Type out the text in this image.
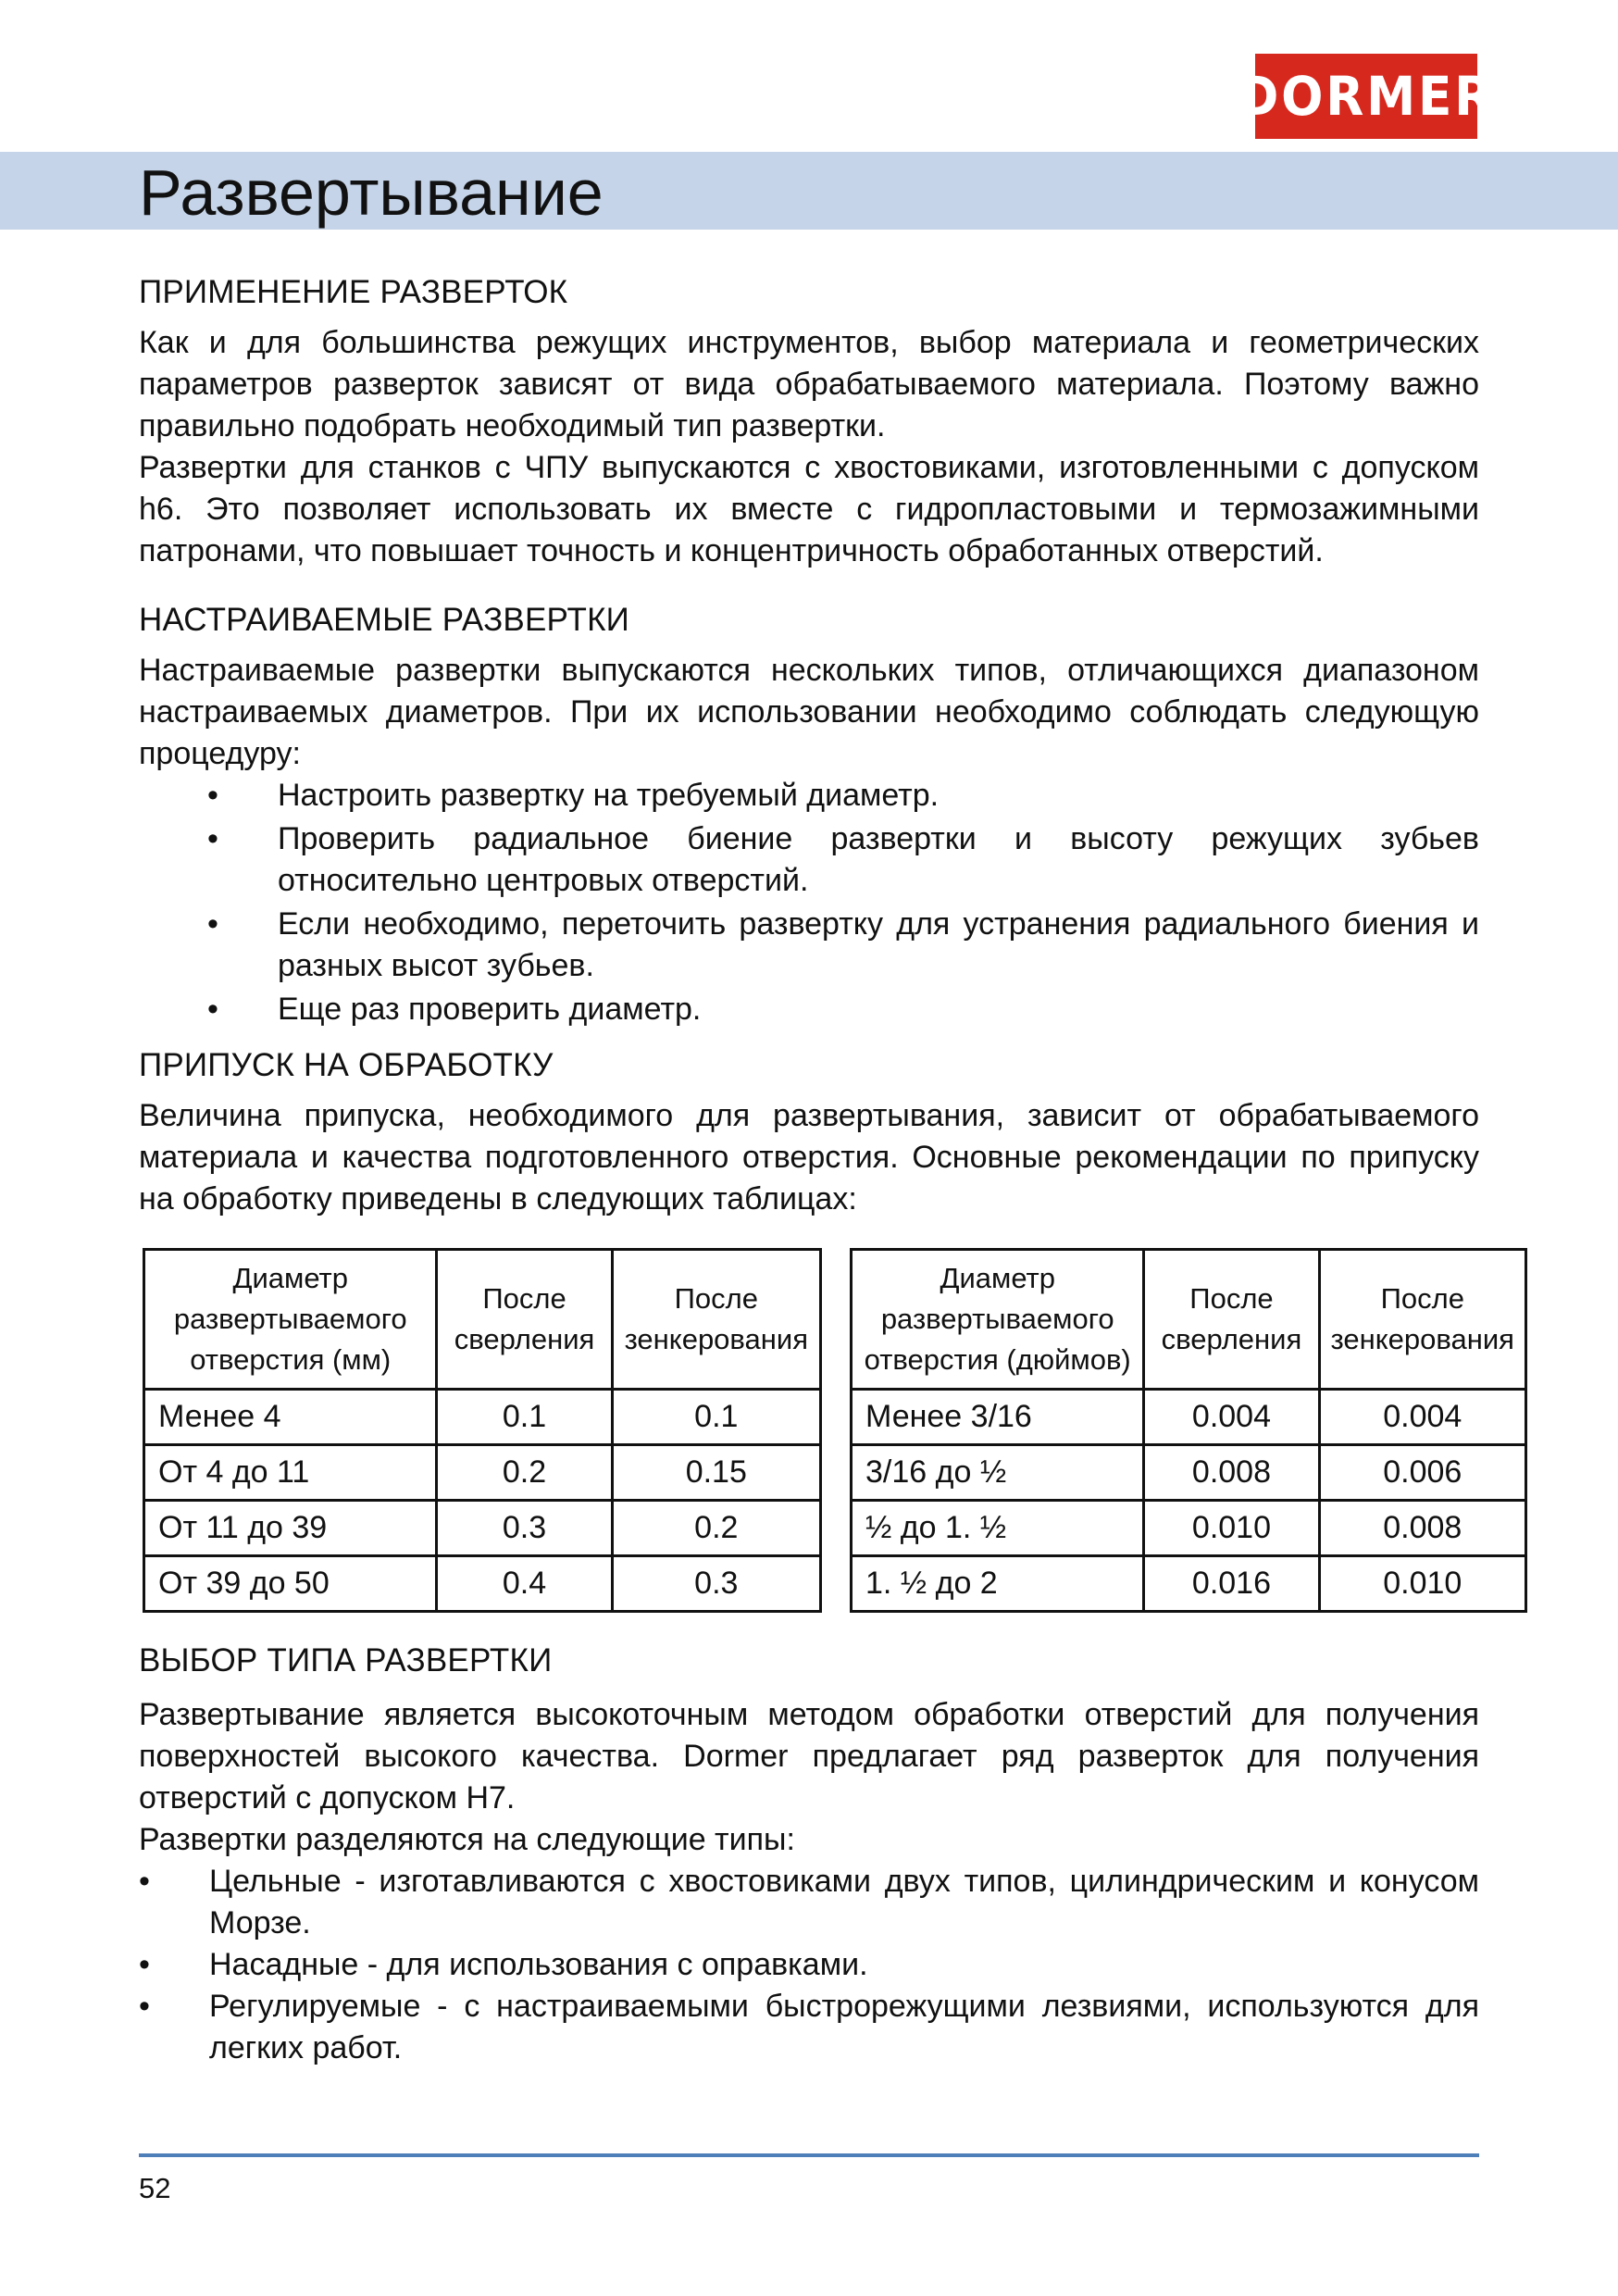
DORMER
Развертывание
ПРИМЕНЕНИЕ РАЗВЕРТОК

Как и для большинства режущих инструментов, выбор материала и геометрических параметров разверток зависят от вида обрабатываемого материала. Поэтому важно правильно подобрать необходимый тип развертки.

Развертки для станков с ЧПУ выпускаются с хвостовиками, изготовленными с допуском h6. Это позволяет использовать их вместе с гидропластовыми и термозажимными патронами, что повышает точность и концентричность обработанных отверстий.

НАСТРАИВАЕМЫЕ РАЗВЕРТКИ

Настраиваемые развертки выпускаются нескольких типов, отличающихся диапазоном настраиваемых диаметров. При их использовании необходимо соблюдать следующую процедуру:

• Настроить развертку на требуемый диаметр.
• Проверить радиальное биение развертки и высоту режущих зубьев относительно центровых отверстий.
• Если необходимо, переточить развертку для устранения радиального биения и разных высот зубьев.
• Еще раз проверить диаметр.
ПРИПУСК НА ОБРАБОТКУ

Величина припуска, необходимого для развертывания, зависит от обрабатываемого материала и качества подготовленного отверстия. Основные рекомендации по припуску на обработку приведены в следующих таблицах:

Диаметр развертываемого отверстия (мм)	После сверления	После зенкерования
Менее 4	0.1	0.1
От 4 до 11	0.2	0.15
От 11 до 39	0.3	0.2
От 39 до 50	0.4	0.3
Диаметр развертываемого отверстия (дюймов)	После сверления	После зенкерования
Менее 3/16	0.004	0.004
3/16 до ½	0.008	0.006
½ до 1. ½	0.010	0.008
1. ½ до 2	0.016	0.010
ВЫБОР ТИПА РАЗВЕРТКИ

Развертывание является высокоточным методом обработки отверстий для получения поверхностей высокого качества. Dormer предлагает ряд разверток для получения отверстий с допуском H7.

Развертки разделяются на следующие типы:

• Цельные - изготавливаются с хвостовиками двух типов, цилиндрическим и конусом Морзе.
• Насадные - для использования с оправками.
• Регулируемые - с настраиваемыми быстрорежущими лезвиями, используются для легких работ.
52
